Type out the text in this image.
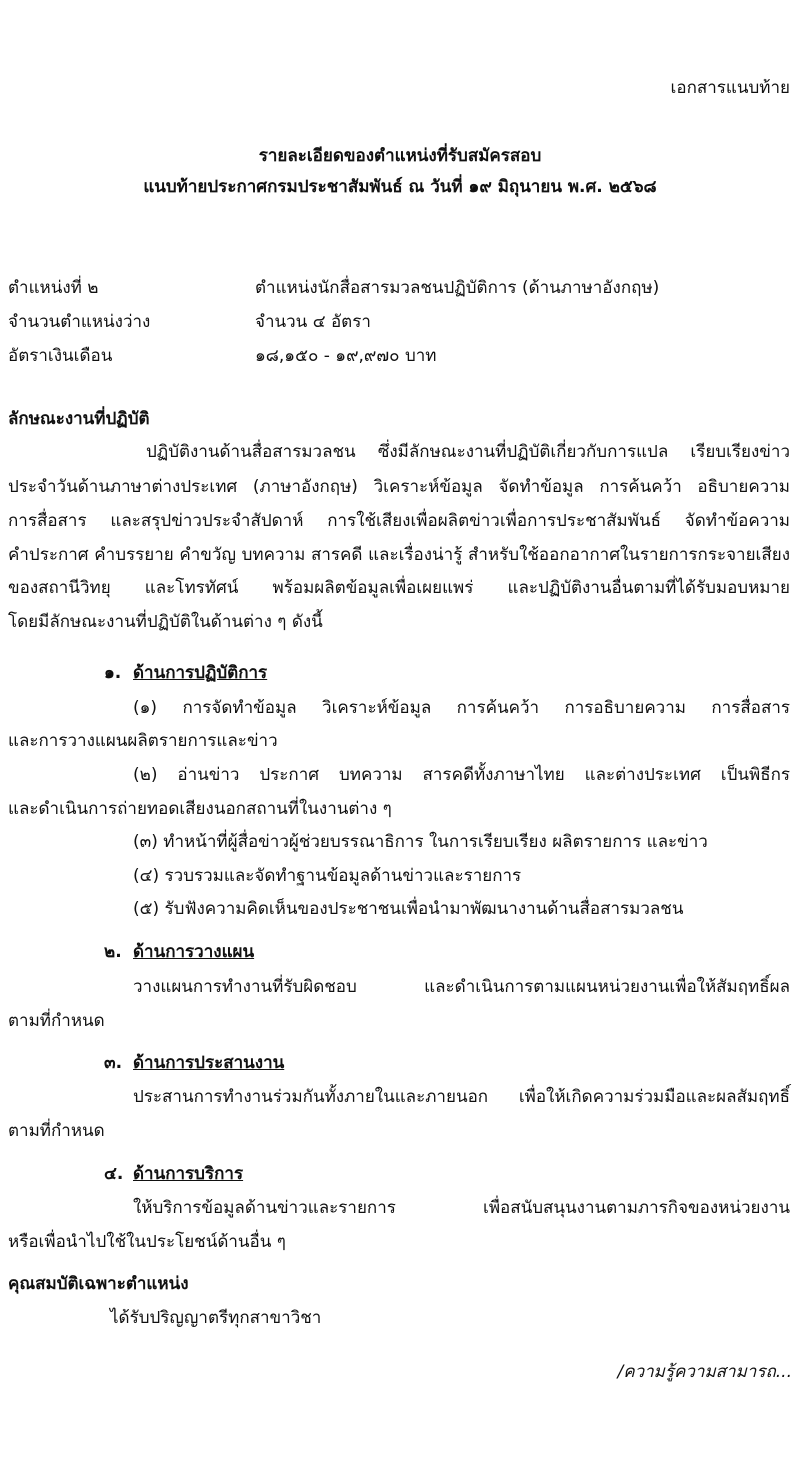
เอกสารแนบท้าย
รายละเอียดของตำแหน่งที่รับสมัครสอบ
แนบท้ายประกาศกรมประชาสัมพันธ์ ณ วันที่ ๑๙ มิถุนายน พ.ศ. ๒๕๖๘
ตำแหน่งที่ ๒	ตำแหน่งนักสื่อสารมวลชนปฏิบัติการ (ด้านภาษาอังกฤษ)
จำนวนตำแหน่งว่าง	จำนวน ๔ อัตรา
อัตราเงินเดือน	๑๘,๑๕๐ - ๑๙,๙๗๐ บาท
ลักษณะงานที่ปฏิบัติ
ปฏิบัติงานด้านสื่อสารมวลชน ซึ่งมีลักษณะงานที่ปฏิบัติเกี่ยวกับการแปล เรียบเรียงข่าว
ประจำวันด้านภาษาต่างประเทศ (ภาษาอังกฤษ) วิเคราะห์ข้อมูล จัดทำข้อมูล การค้นคว้า อธิบายความ
การสื่อสาร และสรุปข่าวประจำสัปดาห์ การใช้เสียงเพื่อผลิตข่าวเพื่อการประชาสัมพันธ์ จัดทำข้อความ
คำประกาศ คำบรรยาย คำขวัญ บทความ สารคดี และเรื่องน่ารู้ สำหรับใช้ออกอากาศในรายการกระจายเสียง
ของสถานีวิทยุ และโทรทัศน์ พร้อมผลิตข้อมูลเพื่อเผยแพร่ และปฏิบัติงานอื่นตามที่ได้รับมอบหมาย
โดยมีลักษณะงานที่ปฏิบัติในด้านต่าง ๆ ดังนี้
๑. ด้านการปฏิบัติการ
(๑) การจัดทำข้อมูล วิเคราะห์ข้อมูล การค้นคว้า การอธิบายความ การสื่อสาร
และการวางแผนผลิตรายการและข่าว
(๒) อ่านข่าว ประกาศ บทความ สารคดีทั้งภาษาไทย และต่างประเทศ เป็นพิธีกร
และดำเนินการถ่ายทอดเสียงนอกสถานที่ในงานต่าง ๆ
(๓) ทำหน้าที่ผู้สื่อข่าวผู้ช่วยบรรณาธิการ ในการเรียบเรียง ผลิตรายการ และข่าว
(๔) รวบรวมและจัดทำฐานข้อมูลด้านข่าวและรายการ
(๕) รับฟังความคิดเห็นของประชาชนเพื่อนำมาพัฒนางานด้านสื่อสารมวลชน
๒. ด้านการวางแผน
วางแผนการทำงานที่รับผิดชอบ และดำเนินการตามแผนหน่วยงานเพื่อให้สัมฤทธิ์ผล
ตามที่กำหนด
๓. ด้านการประสานงาน
ประสานการทำงานร่วมกันทั้งภายในและภายนอก เพื่อให้เกิดความร่วมมือและผลสัมฤทธิ์
ตามที่กำหนด
๔. ด้านการบริการ
ให้บริการข้อมูลด้านข่าวและรายการ เพื่อสนับสนุนงานตามภารกิจของหน่วยงาน
หรือเพื่อนำไปใช้ในประโยชน์ด้านอื่น ๆ
คุณสมบัติเฉพาะตำแหน่ง
ได้รับปริญญาตรีทุกสาขาวิชา
/ความรู้ความสามารถ...
